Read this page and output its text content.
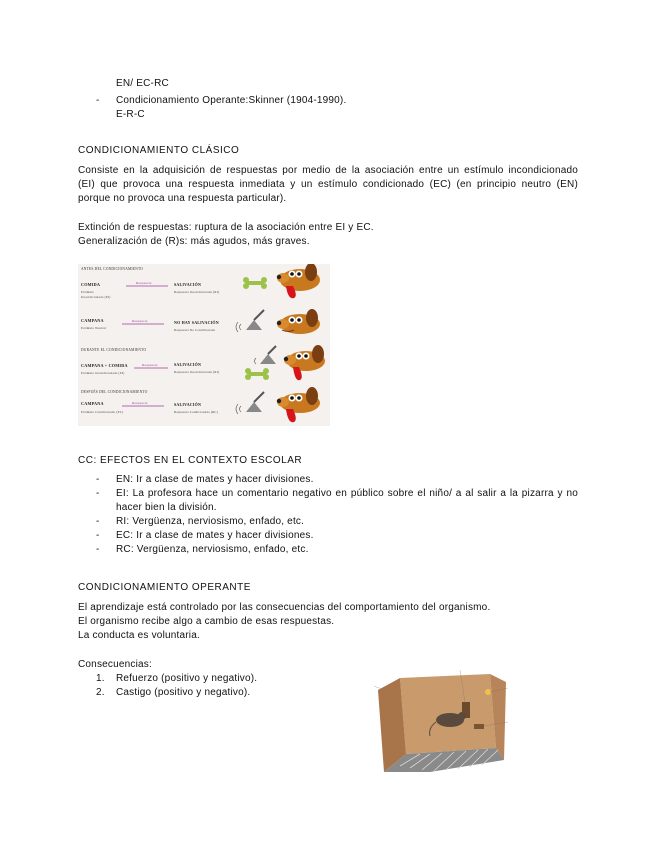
EN/ EC-RC
- Condicionamiento Operante:Skinner (1904-1990).
E-R-C
CONDICIONAMIENTO CLÁSICO
Consiste en la adquisición de respuestas por medio de la asociación entre un estímulo incondicionado
(EI) que provoca una respuesta inmediata y un estímulo condicionado (EC) (en principio neutro (EN)
porque no provoca una respuesta particular).
Extinción de respuestas: ruptura de la asociación entre EI y EC.
Generalización de (R)s: más agudos, más graves.
ANTES DEL CONDICIONAMIENTO
DURANTE EL CONDICIONAMIENTO
DESPUÉS DEL CONDICIONAMIENTO
COMIDA
Estímulo
Incondicionado (EI)
Respuesta	SALIVACIÓN
Respuesta Incondicionada (RI)
CAMPANA
Estímulo Neutral
Respuesta	NO HAY SALIVACIÓN
Respuesta No Condicionada
CAMPANA + COMIDA
Estímulo incondicionado (EI)
Respuesta	SALIVACIÓN
Respuesta Incondicionada (RI)
CAMPANA
Estímulo Condicionado (EC)
Respuesta	SALIVACIÓN
Respuesta Condicionada (RC)
CC: EFECTOS EN EL CONTEXTO ESCOLAR
- EN: Ir a clase de mates y hacer divisiones.
- EI: La profesora hace un comentario negativo en público sobre el niño/ a al salir a la pizarra y no
hacer bien la división.
- RI: Vergüenza, nerviosismo, enfado, etc.
- EC: Ir a clase de mates y hacer divisiones.
- RC: Vergüenza, nerviosismo, enfado, etc.
CONDICIONAMIENTO OPERANTE
El aprendizaje está controlado por las consecuencias del comportamiento del organismo.
El organismo recibe algo a cambio de esas respuestas.
La conducta es voluntaria.
Consecuencias:
1. Refuerzo (positivo y negativo).
2. Castigo (positivo y negativo).
